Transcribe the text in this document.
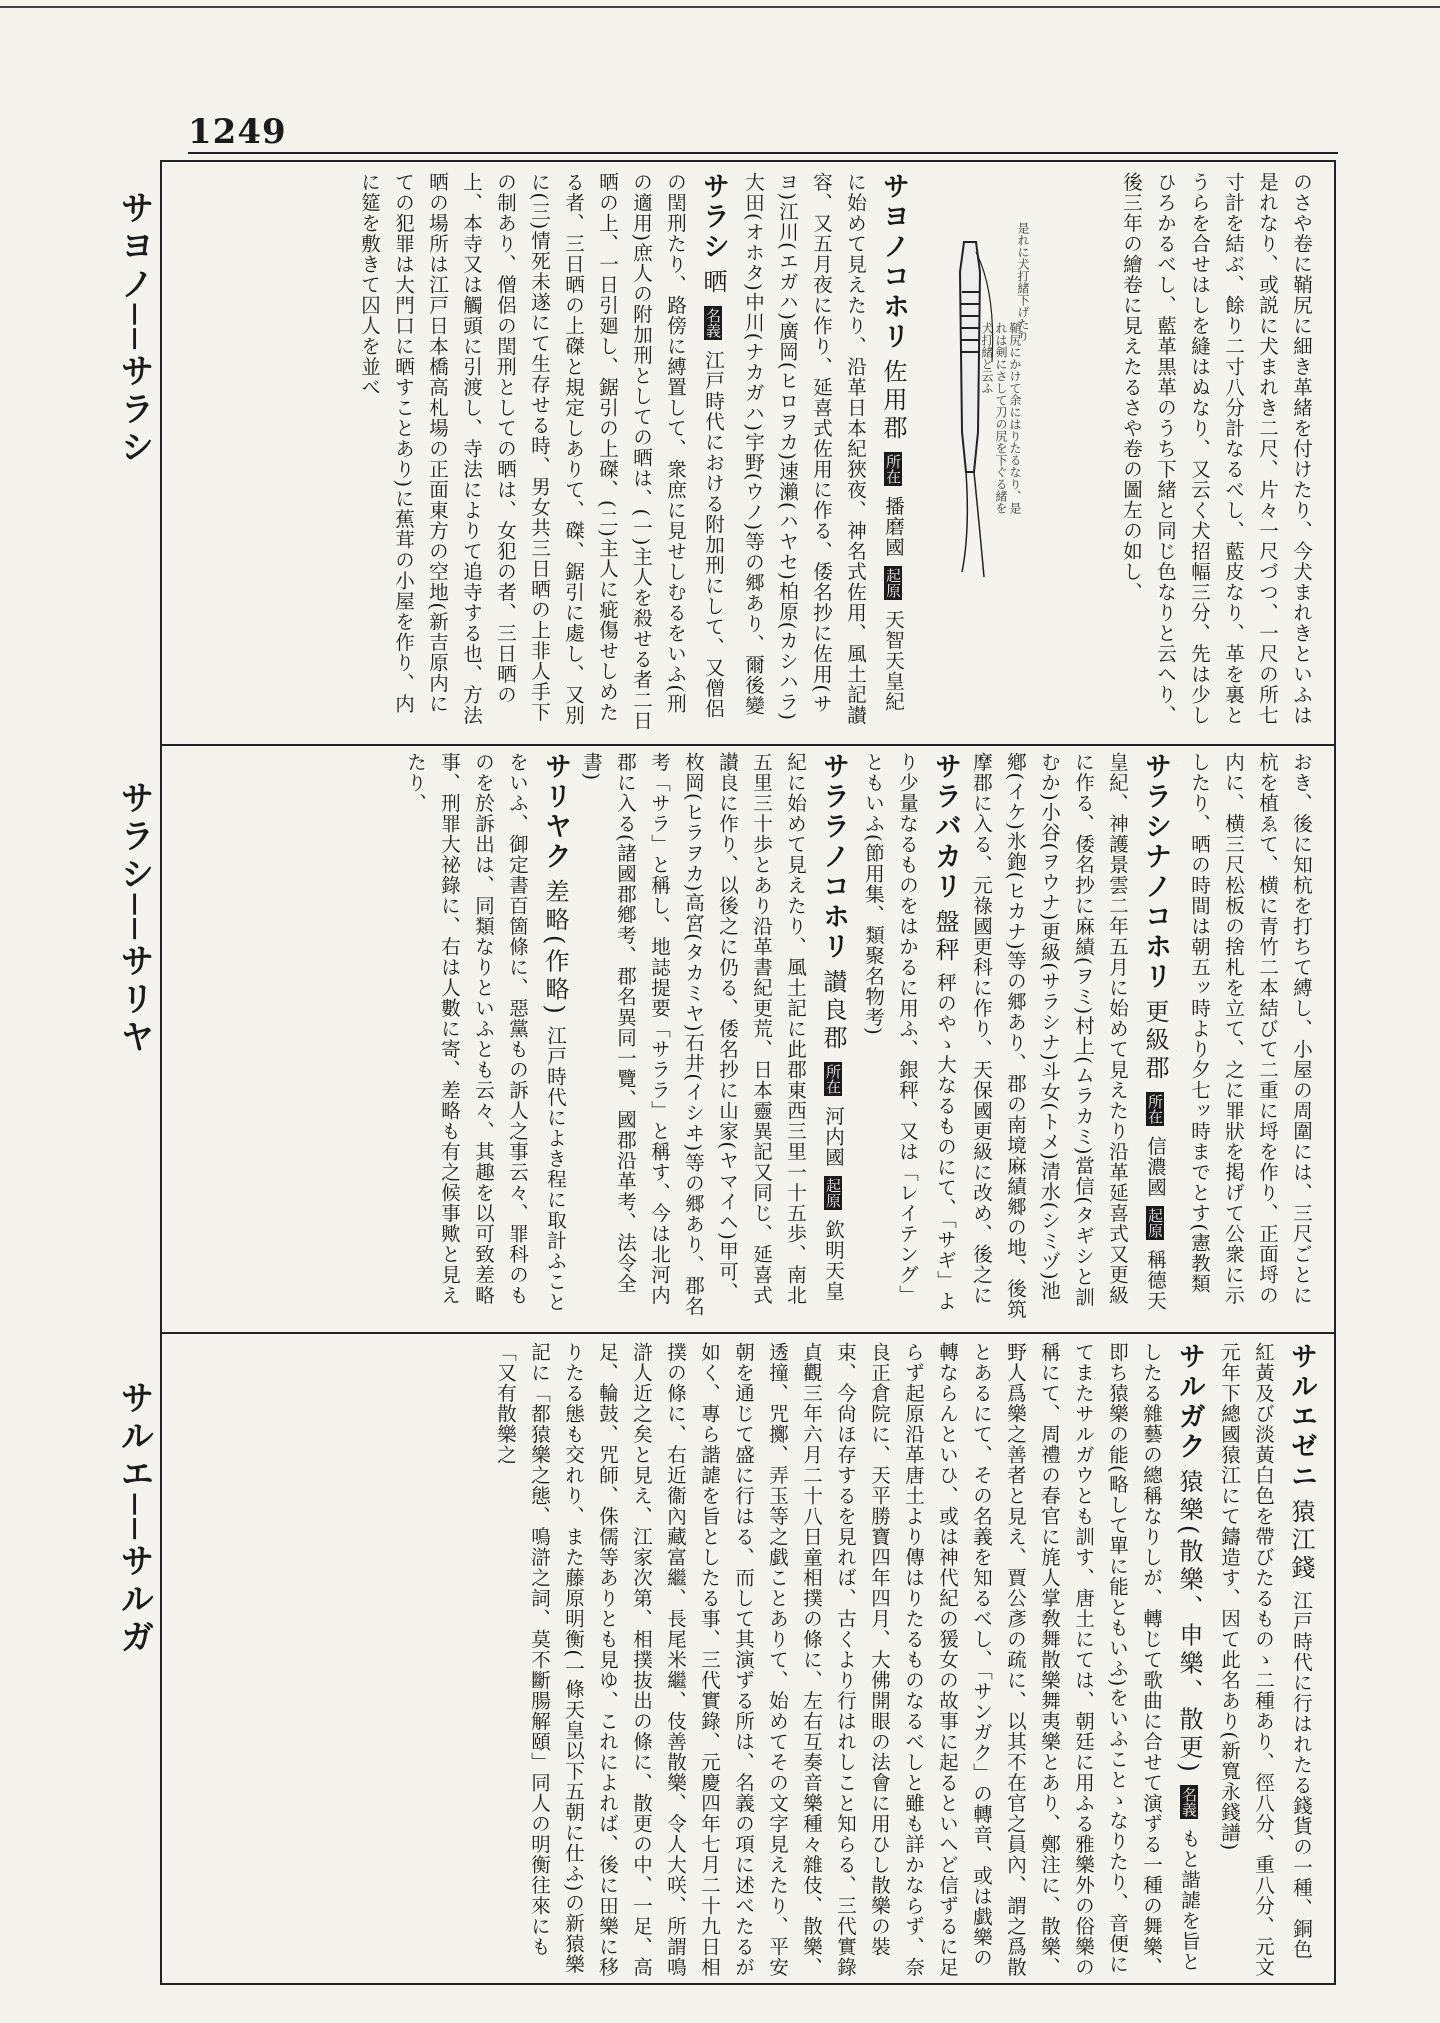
1249
サヨノ──サラシ
サラシ──サリヤ
サルエ──サルガ
のさや卷に鞘尻に細き革緒を付けたり、今犬まれきといふは是れなり、或説に犬まれき二尺、片々一尺づつ、一尺の所七寸計を結ぶ、餘り二寸八分計なるべし、藍皮なり、革を裏とうらを合せはしを縫はぬなり、又云く犬招幅三分、先は少しひろかるべし、藍革黒革のうち下緒と同じ色なりと云へり、後三年の繪卷に見えたるさや卷の圖左の如し、
是れに犬打緒下げたり
鞘尻にかけて余にはりたるなり、是れは剣にさして刀の尻を下ぐる緒を犬打緒と云ふ
サヨノコホリ 佐用郡 所在 播磨國 起原 天智天皇紀に始めて見えたり、沿革日本紀狹夜、神名式佐用、風土記讃容、又五月夜に作り、延喜式佐用に作る、倭名抄に佐用(サヨ)江川(エガハ)廣岡(ヒロヲカ)速瀨(ハヤセ)柏原(カシハラ)大田(オホタ)中川(ナカガハ)宇野(ウノ)等の郷あり、爾後變
サラシ 晒 名義 江戸時代における附加刑にして、又僧侶の閏刑たり、路傍に縛置して、衆庶に見せしむるをいふ(刑の適用)庶人の附加刑としての晒は、(一)主人を殺せる者二日晒の上、一日引廻し、鋸引の上磔、(二)主人に疵傷せしめたる者、三日晒の上磔と規定しありて、磔、鋸引に處し、又別に(三)情死未遂にて生存せる時、男女共三日晒の上非人手下の制あり、僧侶の閏刑としての晒は、女犯の者、三日晒の上、本寺又は觸頭に引渡し、寺法によりて追寺する也、方法晒の場所は江戸日本橋高札場の正面東方の空地(新吉原内にての犯罪は大門口に晒すことあり)に蕉茸の小屋を作り、内に筵を敷きて囚人を並べ
おき、後に知杭を打ちて縛し、小屋の周圍には、三尺ごとに杭を植ゑて、横に青竹二本結びて二重に埒を作り、正面埒の内に、横三尺松板の捨札を立て、之に罪狀を掲げて公衆に示したり、晒の時間は朝五ッ時より夕七ッ時までとす(憲教類
サラシナノコホリ 更級郡 所在 信濃國 起原 稱德天皇紀、神護景雲二年五月に始めて見えたり沿革延喜式又更級に作る、倭名抄に麻績(ヲミ)村上(ムラカミ)當信(タギシと訓むか)小谷(ヲウナ)更級(サラシナ)斗女(トメ)清水(シミヅ)池鄕(イケ)氷鉋(ヒカナ)等の郷あり、郡の南境麻績郷の地、後筑摩郡に入る、元祿國更科に作り、天保國更級に改め、後之に
サラバカリ 盤秤 秤のやゝ大なるものにて、「サギ」より少量なるものをはかるに用ふ、銀秤、又は「レイテング」ともいふ(節用集、類聚名物考)
サララノコホリ 讃良郡 所在 河内國 起原 欽明天皇紀に始めて見えたり、風土記に此郡東西三里一十五歩、南北五里三十歩とあり沿革書紀更荒、日本靈異記又同じ、延喜式讃良に作り、以後之に仍る、倭名抄に山家(ヤマイヘ)甲可、枚岡(ヒラヲカ)高宮(タカミヤ)石井(イシヰ)等の郷あり、郡名考「サラ」と稱し、地誌提要「サララ」と稱す、今は北河内郡に入る(諸國郡鄕考、郡名異同一覽、國郡沿革考、法令全書)
サリヤク 差略(作略) 江戸時代によき程に取計ふことをいふ、御定書百箇條に、惡黨もの訴人之事云々、罪科のものを於訴出は、同類なりといふとも云々、其趣を以可致差略事、刑罪大祕錄に、右は人數に寄、差略も有之候事歟と見えたり、
サルエゼニ 猿江錢 江戸時代に行はれたる錢貨の一種、銅色紅黃及び淡黃白色を帶びたるものゝ二種あり、徑八分、重八分、元文元年下總國猿江にて鑄造す、因て此名あり(新寬永錢譜)
サルガク 猿樂(散樂、申樂、散更) 名義 もと諧謔を旨としたる雜藝の總稱なりしが、轉じて歌曲に合せて演ずる一種の舞樂、即ち猿樂の能(略して單に能ともいふ)をいふことゝなりたり、音便にてまたサルガウとも訓す、唐土にては、朝廷に用ふる雅樂外の俗樂の稱にて、周禮の春官に旄人掌敎舞散樂舞夷樂とあり、鄭注に、散樂、野人爲樂之善者と見え、賈公彥の疏に、以其不在官之員內、謂之爲散とあるにて、その名義を知るべし、「サンガク」の轉音、或は戯樂の轉ならんといひ、或は神代紀の猨女の故事に起るといへど信ずるに足らず起原沿革唐土より傳はりたるものなるべしと雖も詳かならず、奈良正倉院に、天平勝寶四年四月、大佛開眼の法會に用ひし散樂の裝束、今尙ほ存するを見れば、古くより行はれしこと知らる、三代實錄貞觀三年六月二十八日童相撲の條に、左右互奏音樂種々雜伎、散樂、透撞、咒擲、弄玉等之戯ことありて、始めてその文字見えたり、平安朝を通じて盛に行はる、而して其演ずる所は、名義の項に述べたるが如く、專ら諧謔を旨としたる事、三代實錄、元慶四年七月二十九日相撲の條に、右近衞內藏富繼、長尾米繼、伎善散樂、令人大咲、所謂鳴滸人近之矣と見え、江家次第、相撲抜出の條に、散更の中、一足、高足、輪鼓、咒師、侏儒等ありとも見ゆ、これによれば、後に田樂に移りたる態も交れり、また藤原明衡(一條天皇以下五朝に仕ふ)の新猿樂記に「都猿樂之態、鳴滸之詞、莫不斷腸解頤」同人の明衡往來にも「又有散樂之
